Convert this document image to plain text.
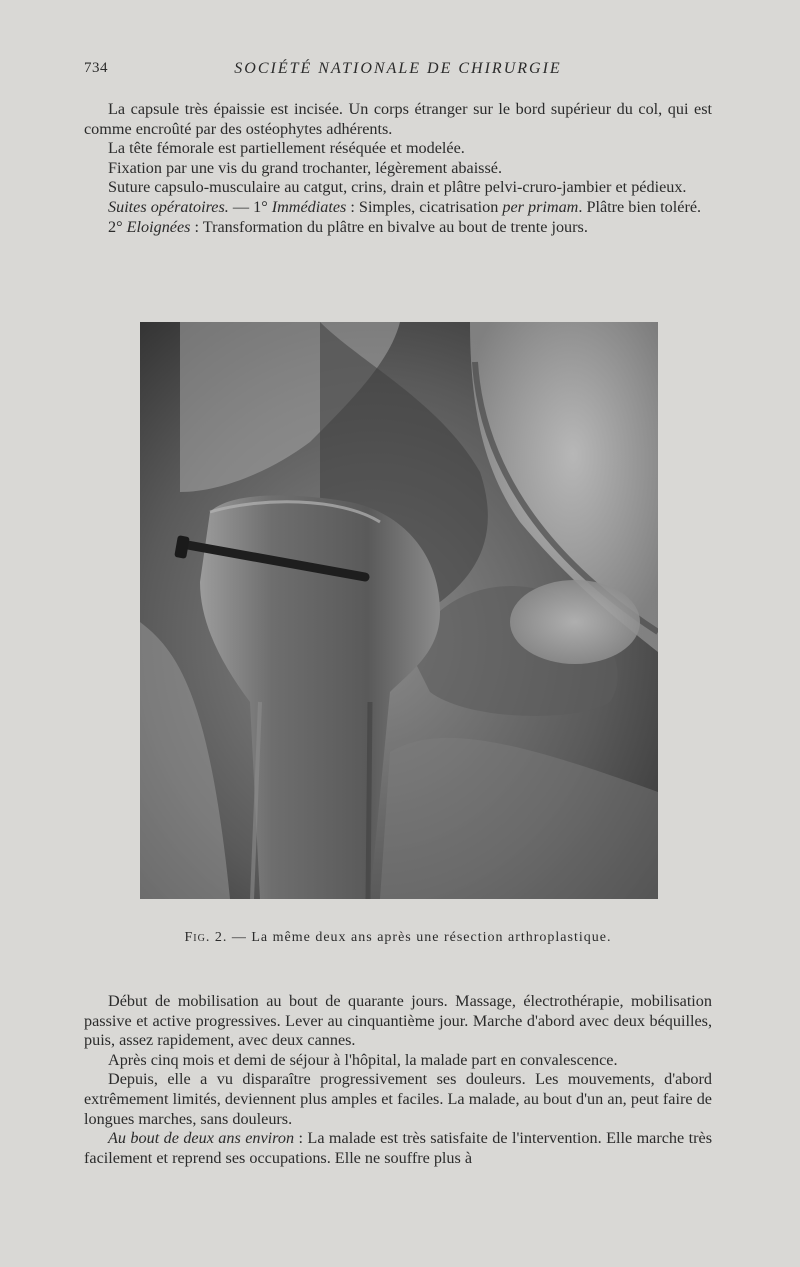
734	SOCIÉTÉ NATIONALE DE CHIRURGIE

La capsule très épaissie est incisée. Un corps étranger sur le bord supérieur du col, qui est comme encroûté par des ostéophytes adhérents.

La tête fémorale est partiellement réséquée et modelée.

Fixation par une vis du grand trochanter, légèrement abaissé.

Suture capsulo-musculaire au catgut, crins, drain et plâtre pelvi-cruro-jambier et pédieux.

Suites opératoires. — 1° Immédiates : Simples, cicatrisation per primam. Plâtre bien toléré.

2° Eloignées : Transformation du plâtre en bivalve au bout de trente jours.

Fig. 2. — La même deux ans après une résection arthroplastique.

Début de mobilisation au bout de quarante jours. Massage, électrothérapie, mobilisation passive et active progressives. Lever au cinquantième jour. Marche d'abord avec deux béquilles, puis, assez rapidement, avec deux cannes.

Après cinq mois et demi de séjour à l'hôpital, la malade part en convalescence.

Depuis, elle a vu disparaître progressivement ses douleurs. Les mouvements, d'abord extrêmement limités, deviennent plus amples et faciles. La malade, au bout d'un an, peut faire de longues marches, sans douleurs.

Au bout de deux ans environ : La malade est très satisfaite de l'intervention. Elle marche très facilement et reprend ses occupations. Elle ne souffre plus à
